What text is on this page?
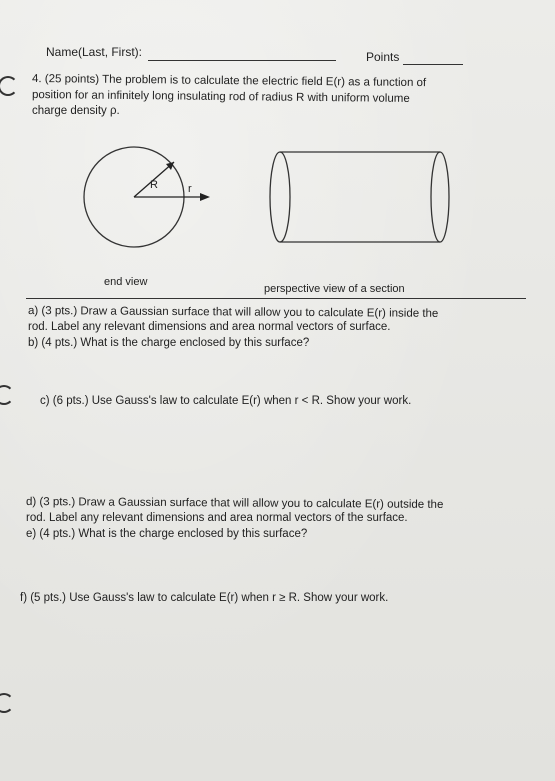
Name(Last, First):	Points
4. (25 points) The problem is to calculate the electric field E(r) as a function of
position for an infinitely long insulating rod of radius R with uniform volume
charge density ρ.
R	r
end view
perspective view of a section
a) (3 pts.) Draw a Gaussian surface that will allow you to calculate E(r) inside the
rod. Label any relevant dimensions and area normal vectors of surface.
b) (4 pts.) What is the charge enclosed by this surface?
c) (6 pts.) Use Gauss's law to calculate E(r) when r < R. Show your work.
d) (3 pts.) Draw a Gaussian surface that will allow you to calculate E(r) outside the
rod. Label any relevant dimensions and area normal vectors of the surface.
e) (4 pts.) What is the charge enclosed by this surface?
f) (5 pts.) Use Gauss's law to calculate E(r) when r ≥ R. Show your work.
